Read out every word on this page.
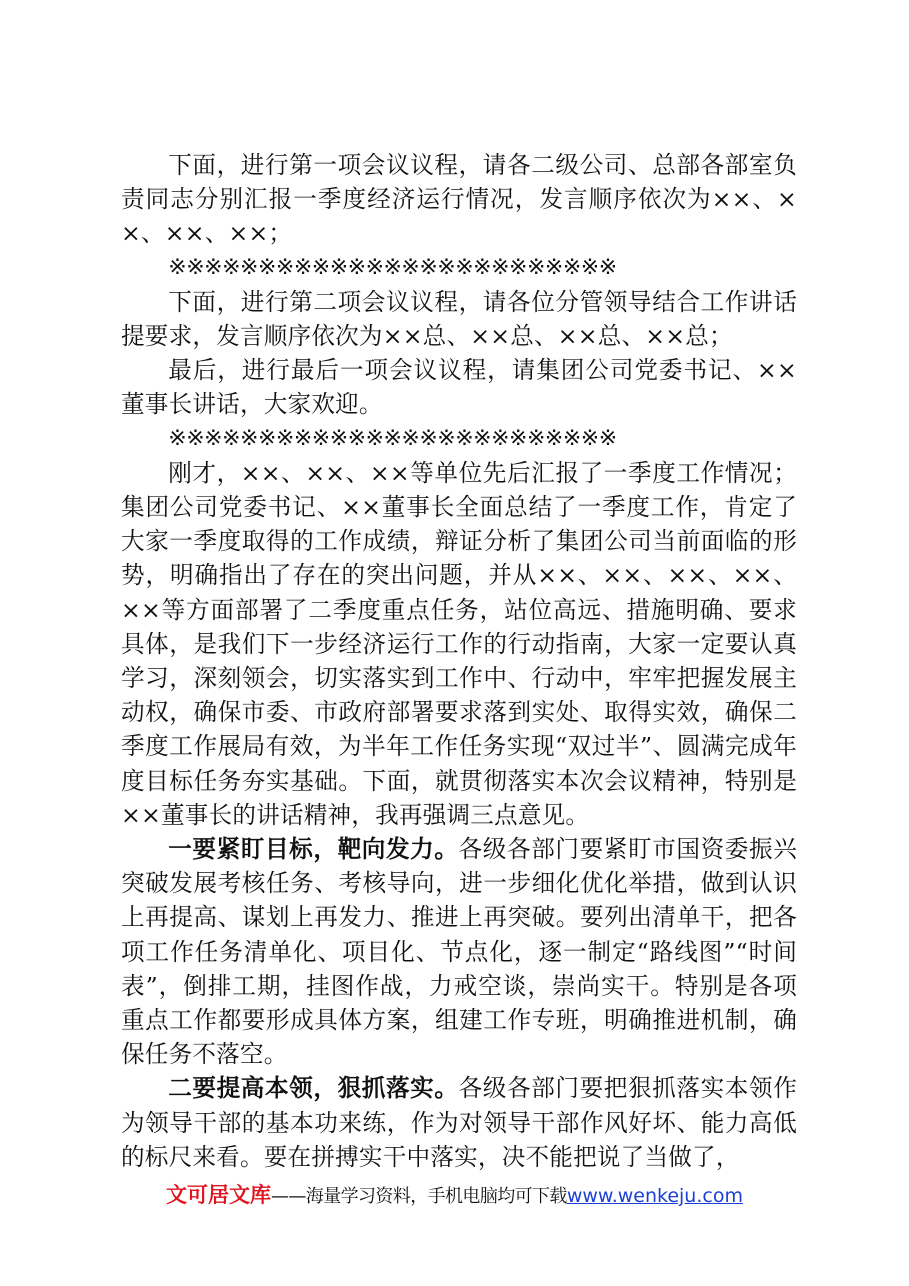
下面，进行第一项会议议程，请各二级公司、总部各部室负责同志分别汇报一季度经济运行情况，发言顺序依次为××、××、××、××；

※※※※※※※※※※※※※※※※※※※※※※※※※

下面，进行第二项会议议程，请各位分管领导结合工作讲话提要求，发言顺序依次为××总、××总、××总、××总；

最后，进行最后一项会议议程，请集团公司党委书记、××董事长讲话，大家欢迎。

※※※※※※※※※※※※※※※※※※※※※※※※※

刚才，××、××、××等单位先后汇报了一季度工作情况；集团公司党委书记、××董事长全面总结了一季度工作，肯定了大家一季度取得的工作成绩，辩证分析了集团公司当前面临的形势，明确指出了存在的突出问题，并从××、××、××、××、××等方面部署了二季度重点任务，站位高远、措施明确、要求具体，是我们下一步经济运行工作的行动指南，大家一定要认真学习，深刻领会，切实落实到工作中、行动中，牢牢把握发展主动权，确保市委、市政府部署要求落到实处、取得实效，确保二季度工作展局有效，为半年工作任务实现“双过半”、圆满完成年度目标任务夯实基础。下面，就贯彻落实本次会议精神，特别是××董事长的讲话精神，我再强调三点意见。

一要紧盯目标，靶向发力。各级各部门要紧盯市国资委振兴突破发展考核任务、考核导向，进一步细化优化举措，做到认识上再提高、谋划上再发力、推进上再突破。要列出清单干，把各项工作任务清单化、项目化、节点化，逐一制定“路线图”“时间表”，倒排工期，挂图作战，力戒空谈，崇尚实干。特别是各项重点工作都要形成具体方案，组建工作专班，明确推进机制，确保任务不落空。

二要提高本领，狠抓落实。各级各部门要把狠抓落实本领作为领导干部的基本功来练，作为对领导干部作风好坏、能力高低的标尺来看。要在拼搏实干中落实，决不能把说了当做了，

文可居文库——海量学习资料，手机电脑均可下载www.wenkeju.com
